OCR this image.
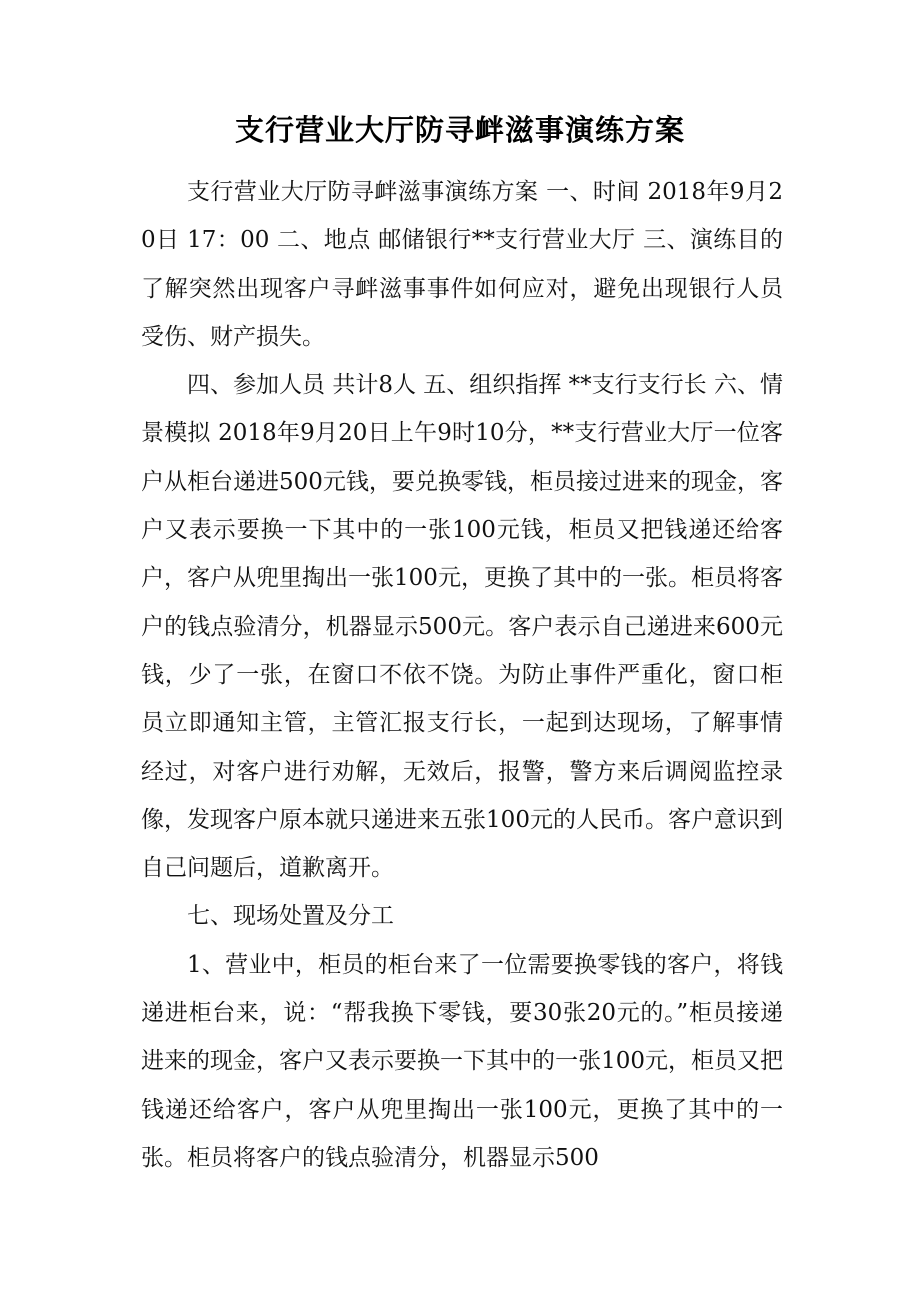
支行营业大厅防寻衅滋事演练方案

支行营业大厅防寻衅滋事演练方案 一、时间 2018年9月20日 17：00 二、地点 邮储银行**支行营业大厅 三、演练目的 了解突然出现客户寻衅滋事事件如何应对，避免出现银行人员受伤、财产损失。

四、参加人员 共计8人 五、组织指挥 **支行支行长 六、情景模拟 2018年9月20日上午9时10分，**支行营业大厅一位客户从柜台递进500元钱，要兑换零钱，柜员接过进来的现金，客户又表示要换一下其中的一张100元钱，柜员又把钱递还给客户，客户从兜里掏出一张100元，更换了其中的一张。柜员将客户的钱点验清分，机器显示500元。客户表示自己递进来600元钱，少了一张，在窗口不依不饶。为防止事件严重化，窗口柜员立即通知主管，主管汇报支行长，一起到达现场，了解事情经过，对客户进行劝解，无效后，报警，警方来后调阅监控录像，发现客户原本就只递进来五张100元的人民币。客户意识到自己问题后，道歉离开。

七、现场处置及分工

1、营业中，柜员的柜台来了一位需要换零钱的客户，将钱递进柜台来，说：“帮我换下零钱，要30张20元的。”柜员接递进来的现金，客户又表示要换一下其中的一张100元，柜员又把钱递还给客户，客户从兜里掏出一张100元，更换了其中的一张。柜员将客户的钱点验清分，机器显示500
